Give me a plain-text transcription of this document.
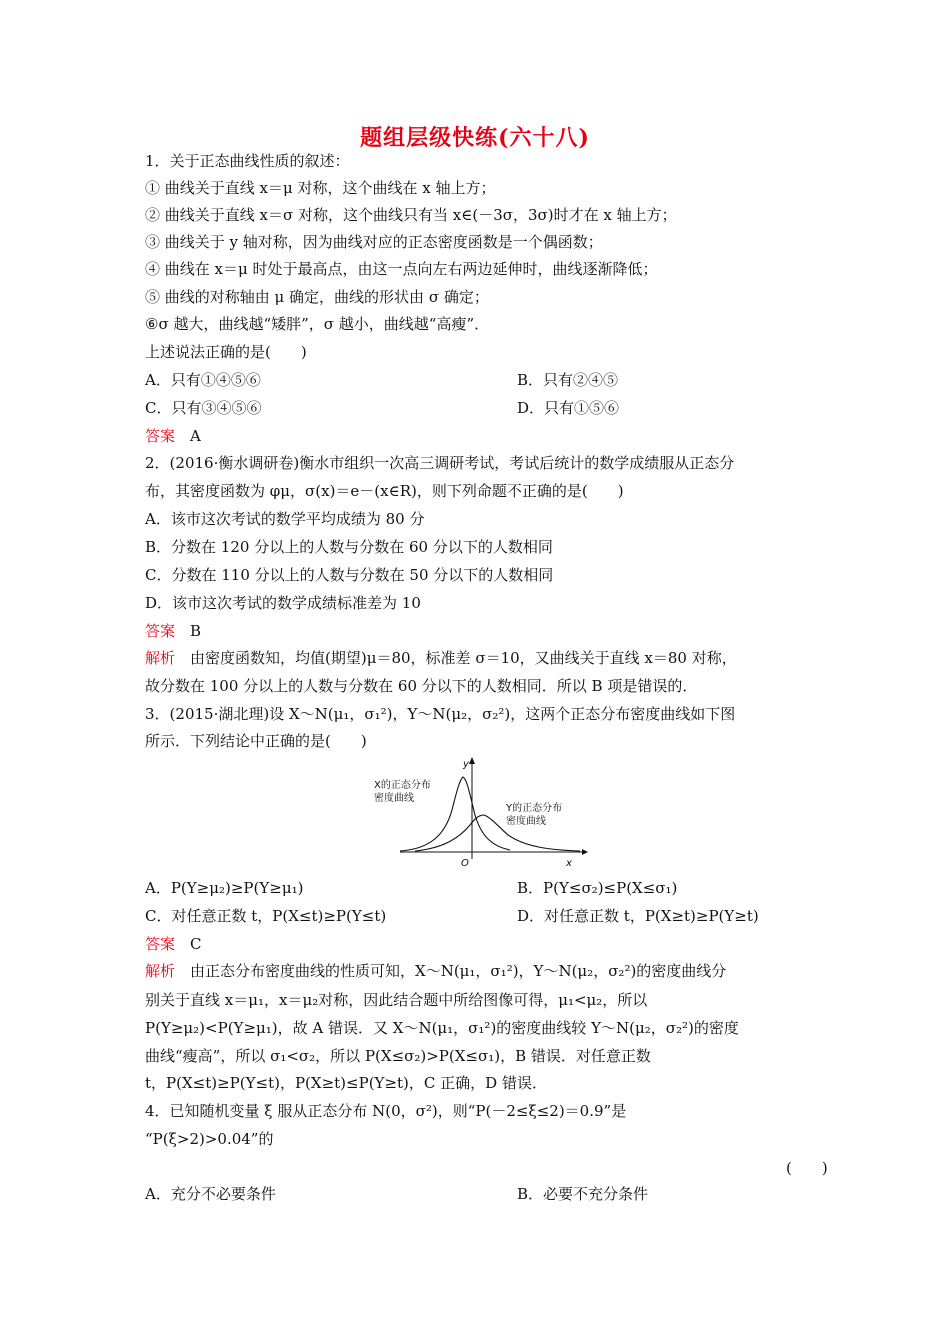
题组层级快练(六十八)
1．关于正态曲线性质的叙述：
① 曲线关于直线 x＝μ 对称，这个曲线在 x 轴上方；
② 曲线关于直线 x＝σ 对称，这个曲线只有当 x∈(－3σ，3σ)时才在 x 轴上方；
③ 曲线关于 y 轴对称，因为曲线对应的正态密度函数是一个偶函数；
④ 曲线在 x＝μ 时处于最高点，由这一点向左右两边延伸时，曲线逐渐降低；
⑤ 曲线的对称轴由 μ 确定，曲线的形状由 σ 确定；
⑥σ 越大，曲线越“矮胖”，σ 越小，曲线越“高瘦”．
上述说法正确的是(　　)
A．只有①④⑤⑥	B．只有②④⑤
C．只有③④⑤⑥	D．只有①⑤⑥
答案　 A
2．(2016·衡水调研卷)衡水市组织一次高三调研考试，考试后统计的数学成绩服从正态分
布，其密度函数为 φμ，σ(x)＝e－(x∈R)，则下列命题不正确的是(　　)
A．该市这次考试的数学平均成绩为 80 分
B．分数在 120 分以上的人数与分数在 60 分以下的人数相同
C．分数在 110 分以上的人数与分数在 50 分以下的人数相同
D．该市这次考试的数学成绩标准差为 10
答案　 B
解析　由密度函数知，均值(期望)μ＝80，标准差 σ＝10，又曲线关于直线 x＝80 对称，
故分数在 100 分以上的人数与分数在 60 分以下的人数相同．所以 B 项是错误的．
3．(2015·湖北理)设 X～N(μ₁，σ₁²)，Y～N(μ₂，σ₂²)，这两个正态分布密度曲线如下图
所示．下列结论中正确的是(　　)
X的正态分布
密度曲线
Y的正态分布
密度曲线
y
x
O
A．P(Y≥μ₂)≥P(Y≥μ₁)	B．P(Y≤σ₂)≤P(X≤σ₁)
C．对任意正数 t，P(X≤t)≥P(Y≤t)	D．对任意正数 t，P(X≥t)≥P(Y≥t)
答案　 C
解析　由正态分布密度曲线的性质可知，X～N(μ₁，σ₁²)，Y～N(μ₂，σ₂²)的密度曲线分
别关于直线 x＝μ₁，x＝μ₂对称，因此结合题中所给图像可得，μ₁<μ₂，所以
P(Y≥μ₂)<P(Y≥μ₁)，故 A 错误．又 X～N(μ₁，σ₁²)的密度曲线较 Y～N(μ₂，σ₂²)的密度
曲线“瘦高”，所以 σ₁<σ₂，所以 P(X≤σ₂)>P(X≤σ₁)，B 错误．对任意正数
t，P(X≤t)≥P(Y≤t)，P(X≥t)≤P(Y≥t)，C 正确，D 错误．
4．已知随机变量 ξ 服从正态分布 N(0，σ²)，则“P(－2≤ξ≤2)＝0.9”是
“P(ξ>2)>0.04”的
(　　)
A．充分不必要条件	B．必要不充分条件
